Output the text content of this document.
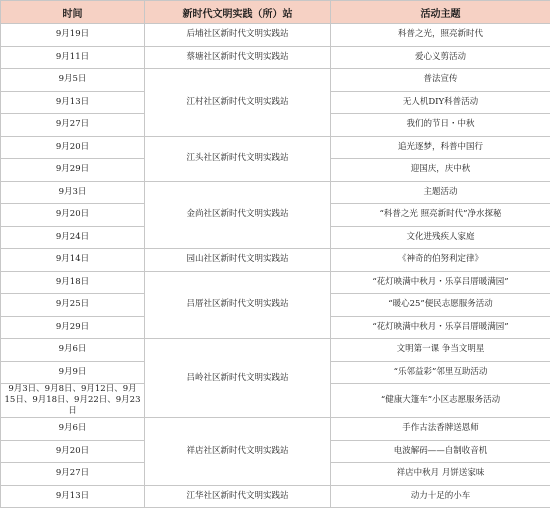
时间	新时代文明实践（所）站	活动主题
9月19日	后埔社区新时代文明实践站	科普之光，照亮新时代
9月11日	蔡塘社区新时代文明实践站	爱心义剪活动
9月5日	江村社区新时代文明实践站	普法宣传
9月13日		无人机DIY科普活动
9月27日		我们的节日・中秋
9月20日	江头社区新时代文明实践站	追光逐梦，科普中国行
9月29日		迎国庆，庆中秋
9月3日	金尚社区新时代文明实践站	主题活动
9月20日		“科普之光 照亮新时代”净水探秘
9月24日		文化进残疾人家庭
9月14日	园山社区新时代文明实践站	《神奇的伯努利定律》
9月18日	吕厝社区新时代文明实践站	“花灯映满中秋月・乐享吕厝暖满园”
9月25日		“暖心25”便民志愿服务活动
9月29日		“花灯映满中秋月・乐享吕厝暖满园”
9月6日	吕岭社区新时代文明实践站	文明第一课 争当文明星
9月9日		“乐邻益彩”邻里互助活动
9月3日、9月8日、9月12日、9月15日、9月18日、9月22日、9月23日		“健康大篷车”小区志愿服务活动
9月6日	祥店社区新时代文明实践站	手作古法香牌送恩师
9月20日		电波解码——自制收音机
9月27日		祥店中秋月 月饼送家味
9月13日	江华社区新时代文明实践站	动力十足的小车
